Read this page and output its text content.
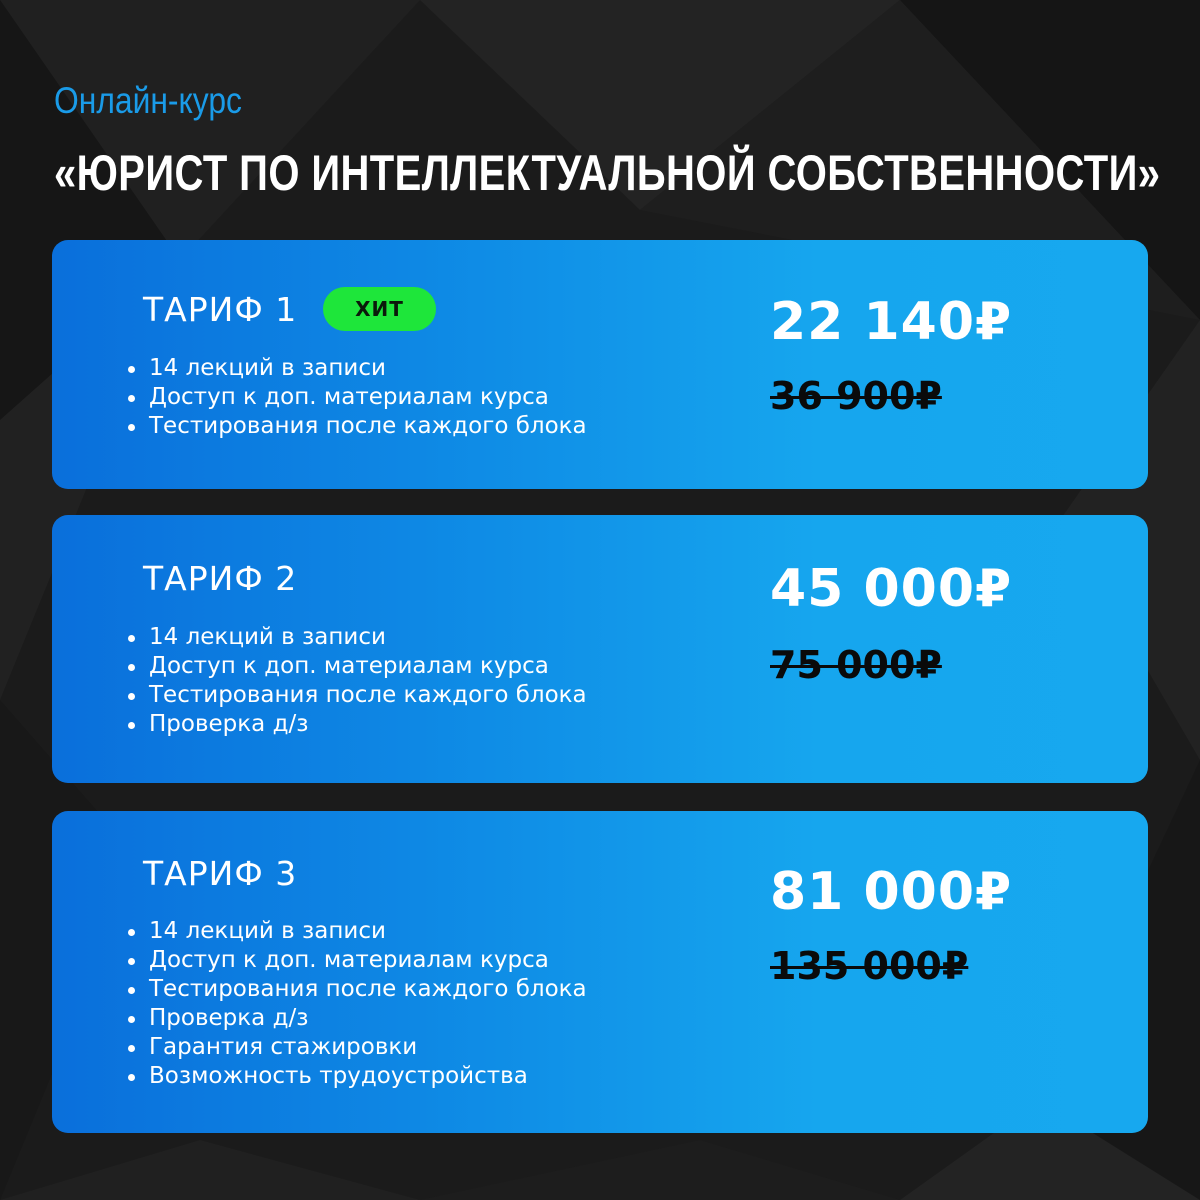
Онлайн-курс
«ЮРИСТ ПО ИНТЕЛЛЕКТУАЛЬНОЙ СОБСТВЕННОСТИ»
ТАРИФ 1	ХИТ
14 лекций в записи
Доступ к доп. материалам курса
Тестирования после каждого блока
22 140₽
36 900₽
ТАРИФ 2
14 лекций в записи
Доступ к доп. материалам курса
Тестирования после каждого блока
Проверка д/з
45 000₽
75 000₽
ТАРИФ 3
14 лекций в записи
Доступ к доп. материалам курса
Тестирования после каждого блока
Проверка д/з
Гарантия стажировки
Возможность трудоустройства
81 000₽
135 000₽
